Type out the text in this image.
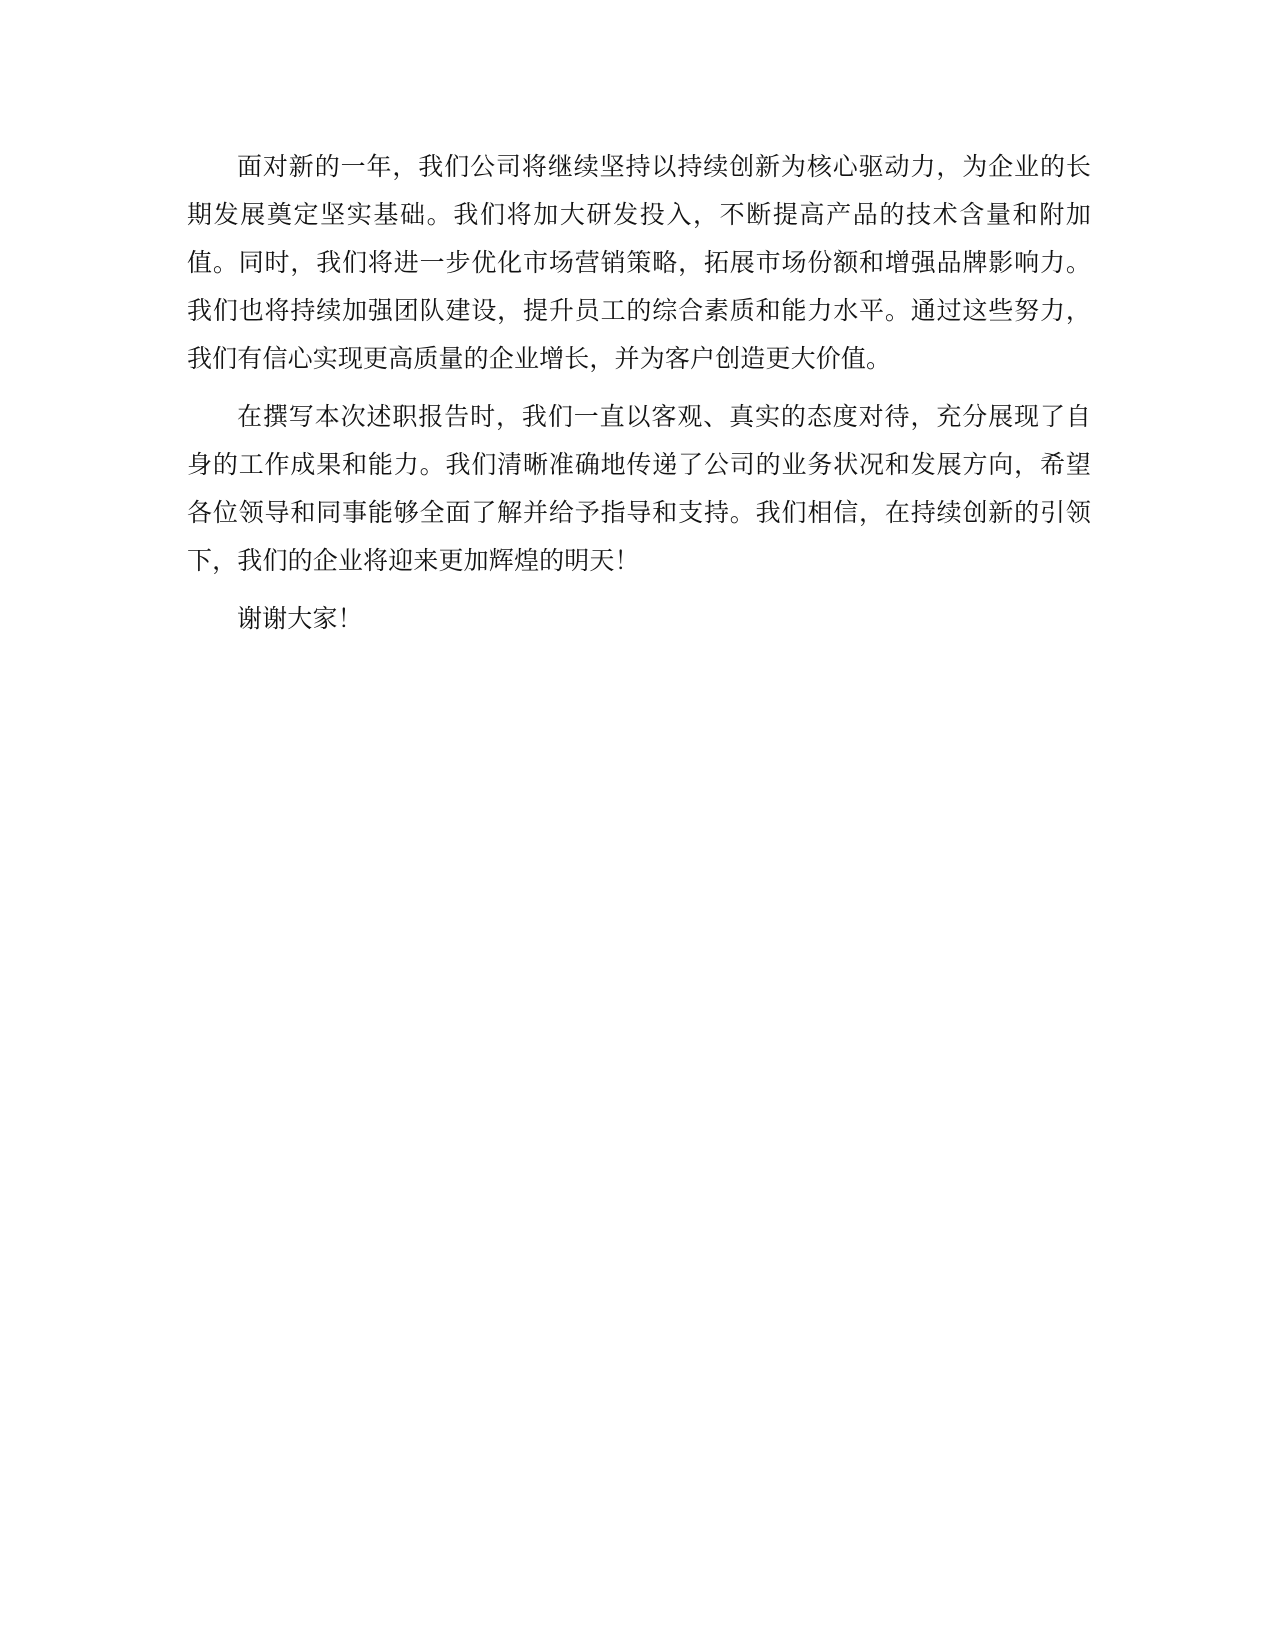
面对新的一年，我们公司将继续坚持以持续创新为核心驱动力，为企业的长期发展奠定坚实基础。我们将加大研发投入，不断提高产品的技术含量和附加值。同时，我们将进一步优化市场营销策略，拓展市场份额和增强品牌影响力。我们也将持续加强团队建设，提升员工的综合素质和能力水平。通过这些努力，我们有信心实现更高质量的企业增长，并为客户创造更大价值。

在撰写本次述职报告时，我们一直以客观、真实的态度对待，充分展现了自身的工作成果和能力。我们清晰准确地传递了公司的业务状况和发展方向，希望各位领导和同事能够全面了解并给予指导和支持。我们相信，在持续创新的引领下，我们的企业将迎来更加辉煌的明天！

谢谢大家！
